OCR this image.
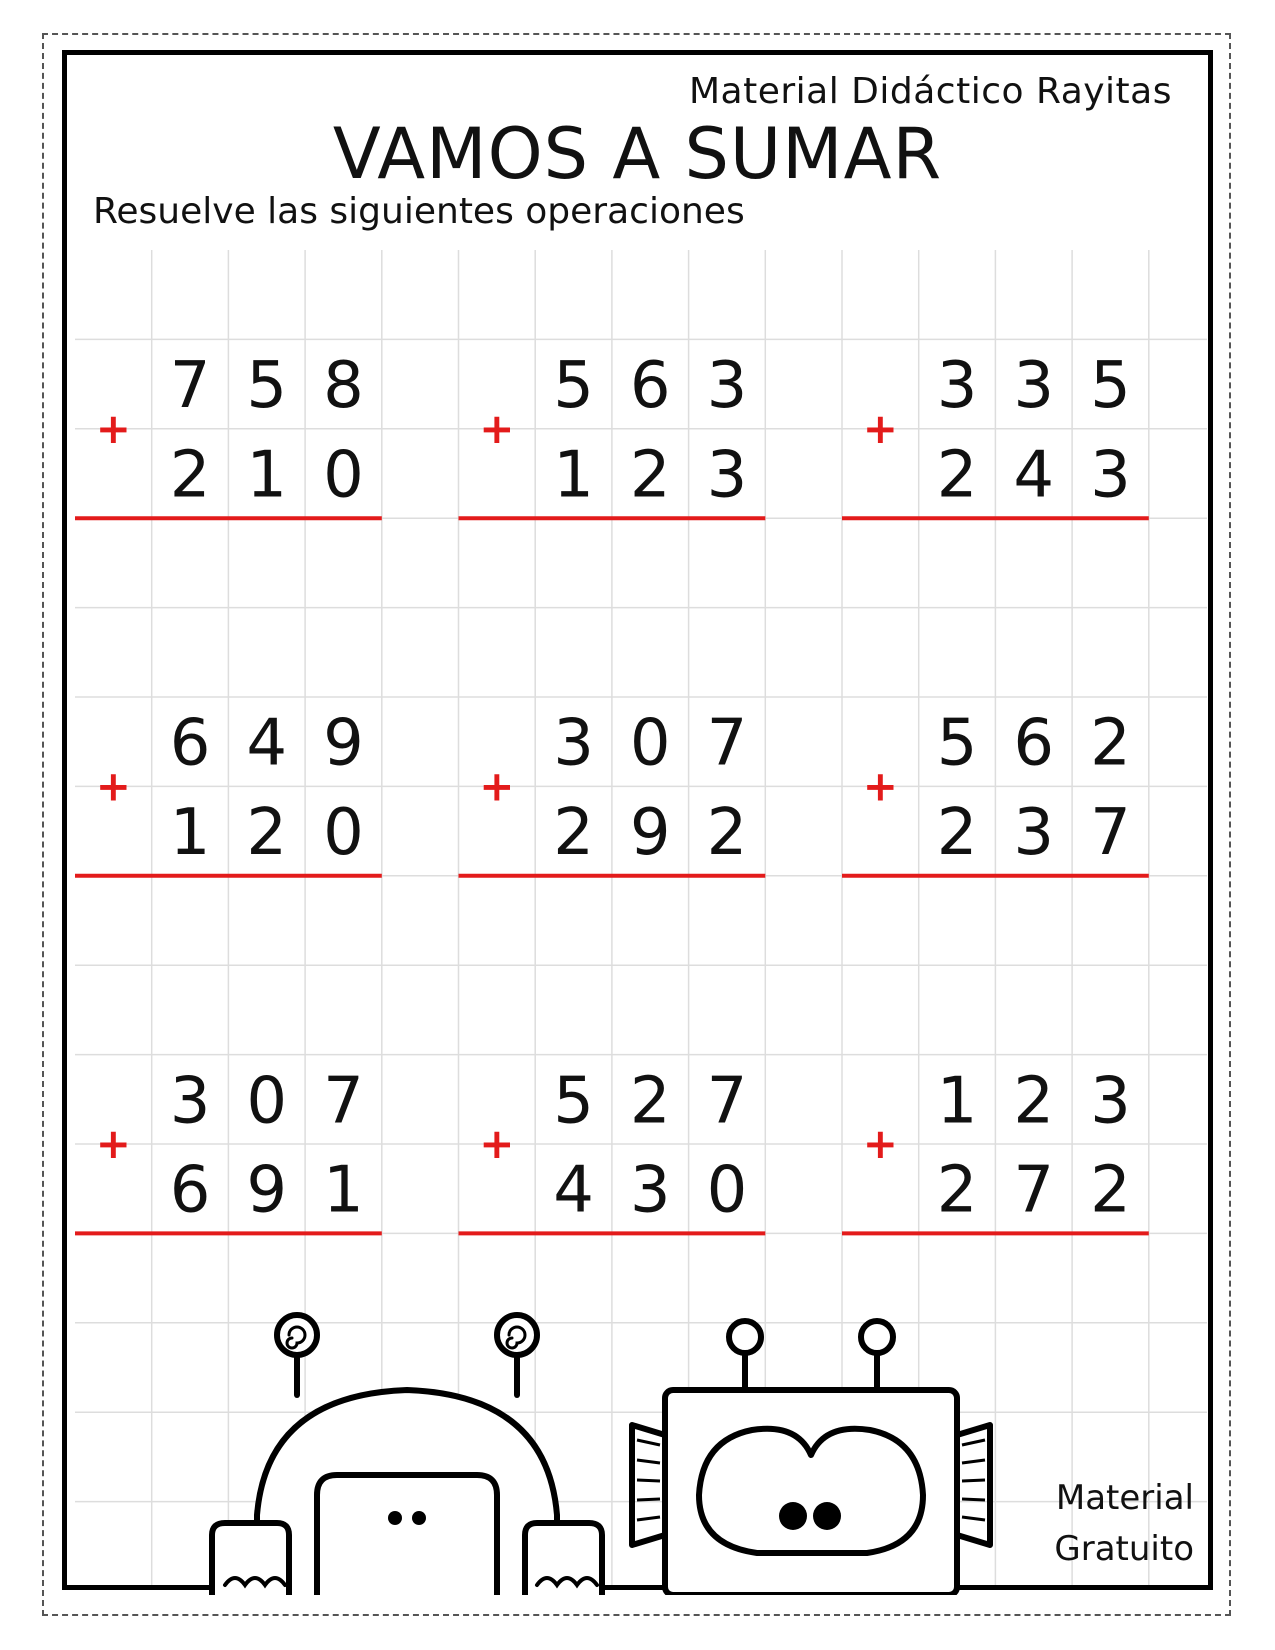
Material Didáctico Rayitas
VAMOS A SUMAR
Resuelve las siguientes operaciones
+
7 5 8
2 1 0
+
5 6 3
1 2 3
+
3 3 5
2 4 3
+
6 4 9
1 2 0
+
3 0 7
2 9 2
+
5 6 2
2 3 7
+
3 0 7
6 9 1
+
5 2 7
4 3 0
+
1 2 3
2 7 2
Material
Gratuito
